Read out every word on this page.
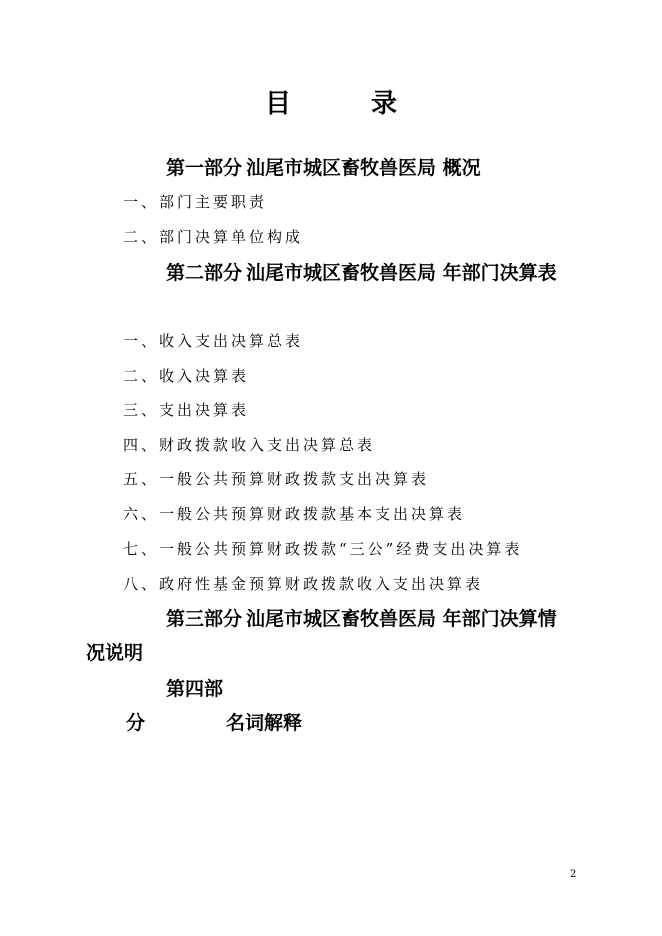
目	录
第一部分 汕尾市城区畜牧兽医局 概况
一、部门主要职责
二、部门决算单位构成
第二部分 汕尾市城区畜牧兽医局 年部门决算表
一、收入支出决算总表
二、收入决算表
三、支出决算表
四、财政拨款收入支出决算总表
五、一般公共预算财政拨款支出决算表
六、一般公共预算财政拨款基本支出决算表
七、一般公共预算财政拨款“三公”经费支出决算表
八、政府性基金预算财政拨款收入支出决算表
第三部分 汕尾市城区畜牧兽医局 年部门决算情况说明
第四部分	名词解释
2
